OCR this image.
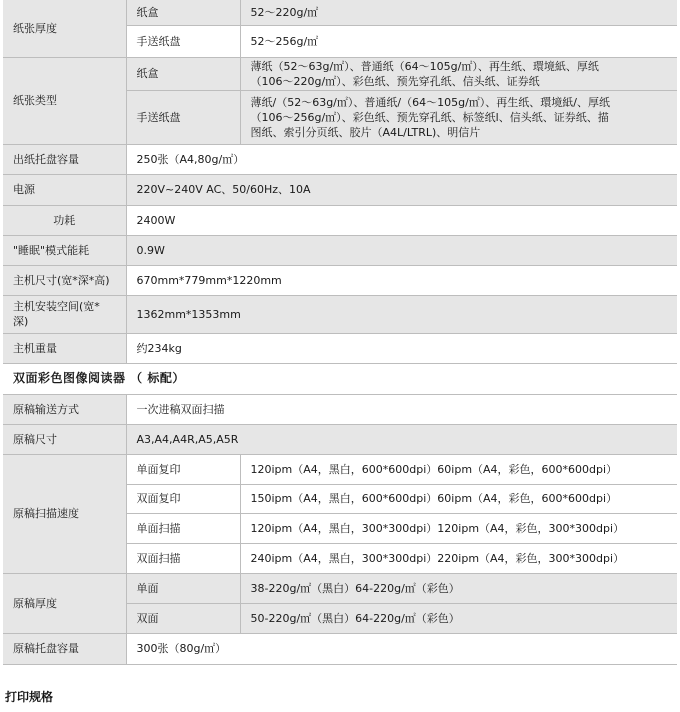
纸张厚度	纸盒	52～220g/㎡
	手送纸盘	52～256g/㎡
纸张类型	纸盒	薄纸（52～63g/㎡）、普通纸（64～105g/㎡）、再生纸、環境紙、厚纸
（106～220g/㎡）、彩色纸、预先穿孔纸、信头纸、证券纸

	手送纸盘	薄纸/（52～63g/㎡）、普通纸/（64～105g/㎡）、再生纸、環境紙/、厚纸
（106～256g/㎡）、彩色纸、预先穿孔纸、标签纸l、信头纸、证券纸、描
图纸、索引分页纸、胶片（A4L/LTRL)、明信片

出纸托盘容量	250张（A4,80g/㎡）	
电源	220V~240V AC、50/60Hz、10A	
功耗	2400W	
"睡眠"模式能耗	0.9W	
主机尺寸(宽*深*高)	670mm*779mm*1220mm	

主机安装空间(宽*
深)	1362mm*1353mm	
主机重量	约234kg	
双面彩色图像阅读器 （ 标配）		
原稿输送方式	一次进稿双面扫描	
原稿尺寸	A3,A4,A4R,A5,A5R	
原稿扫描速度	单面复印	120ipm（A4，黑白，600*600dpi）60ipm（A4，彩色，600*600dpi）
	双面复印	150ipm（A4，黑白，600*600dpi）60ipm（A4，彩色，600*600dpi）
	单面扫描	120ipm（A4，黑白，300*300dpi）120ipm（A4，彩色，300*300dpi）
	双面扫描	240ipm（A4，黑白，300*300dpi）220ipm（A4，彩色，300*300dpi）
原稿厚度	单面	38-220g/㎡（黑白）64-220g/㎡（彩色）
	双面	50-220g/㎡（黑白）64-220g/㎡（彩色）
原稿托盘容量	300张（80g/㎡）	
打印规格
